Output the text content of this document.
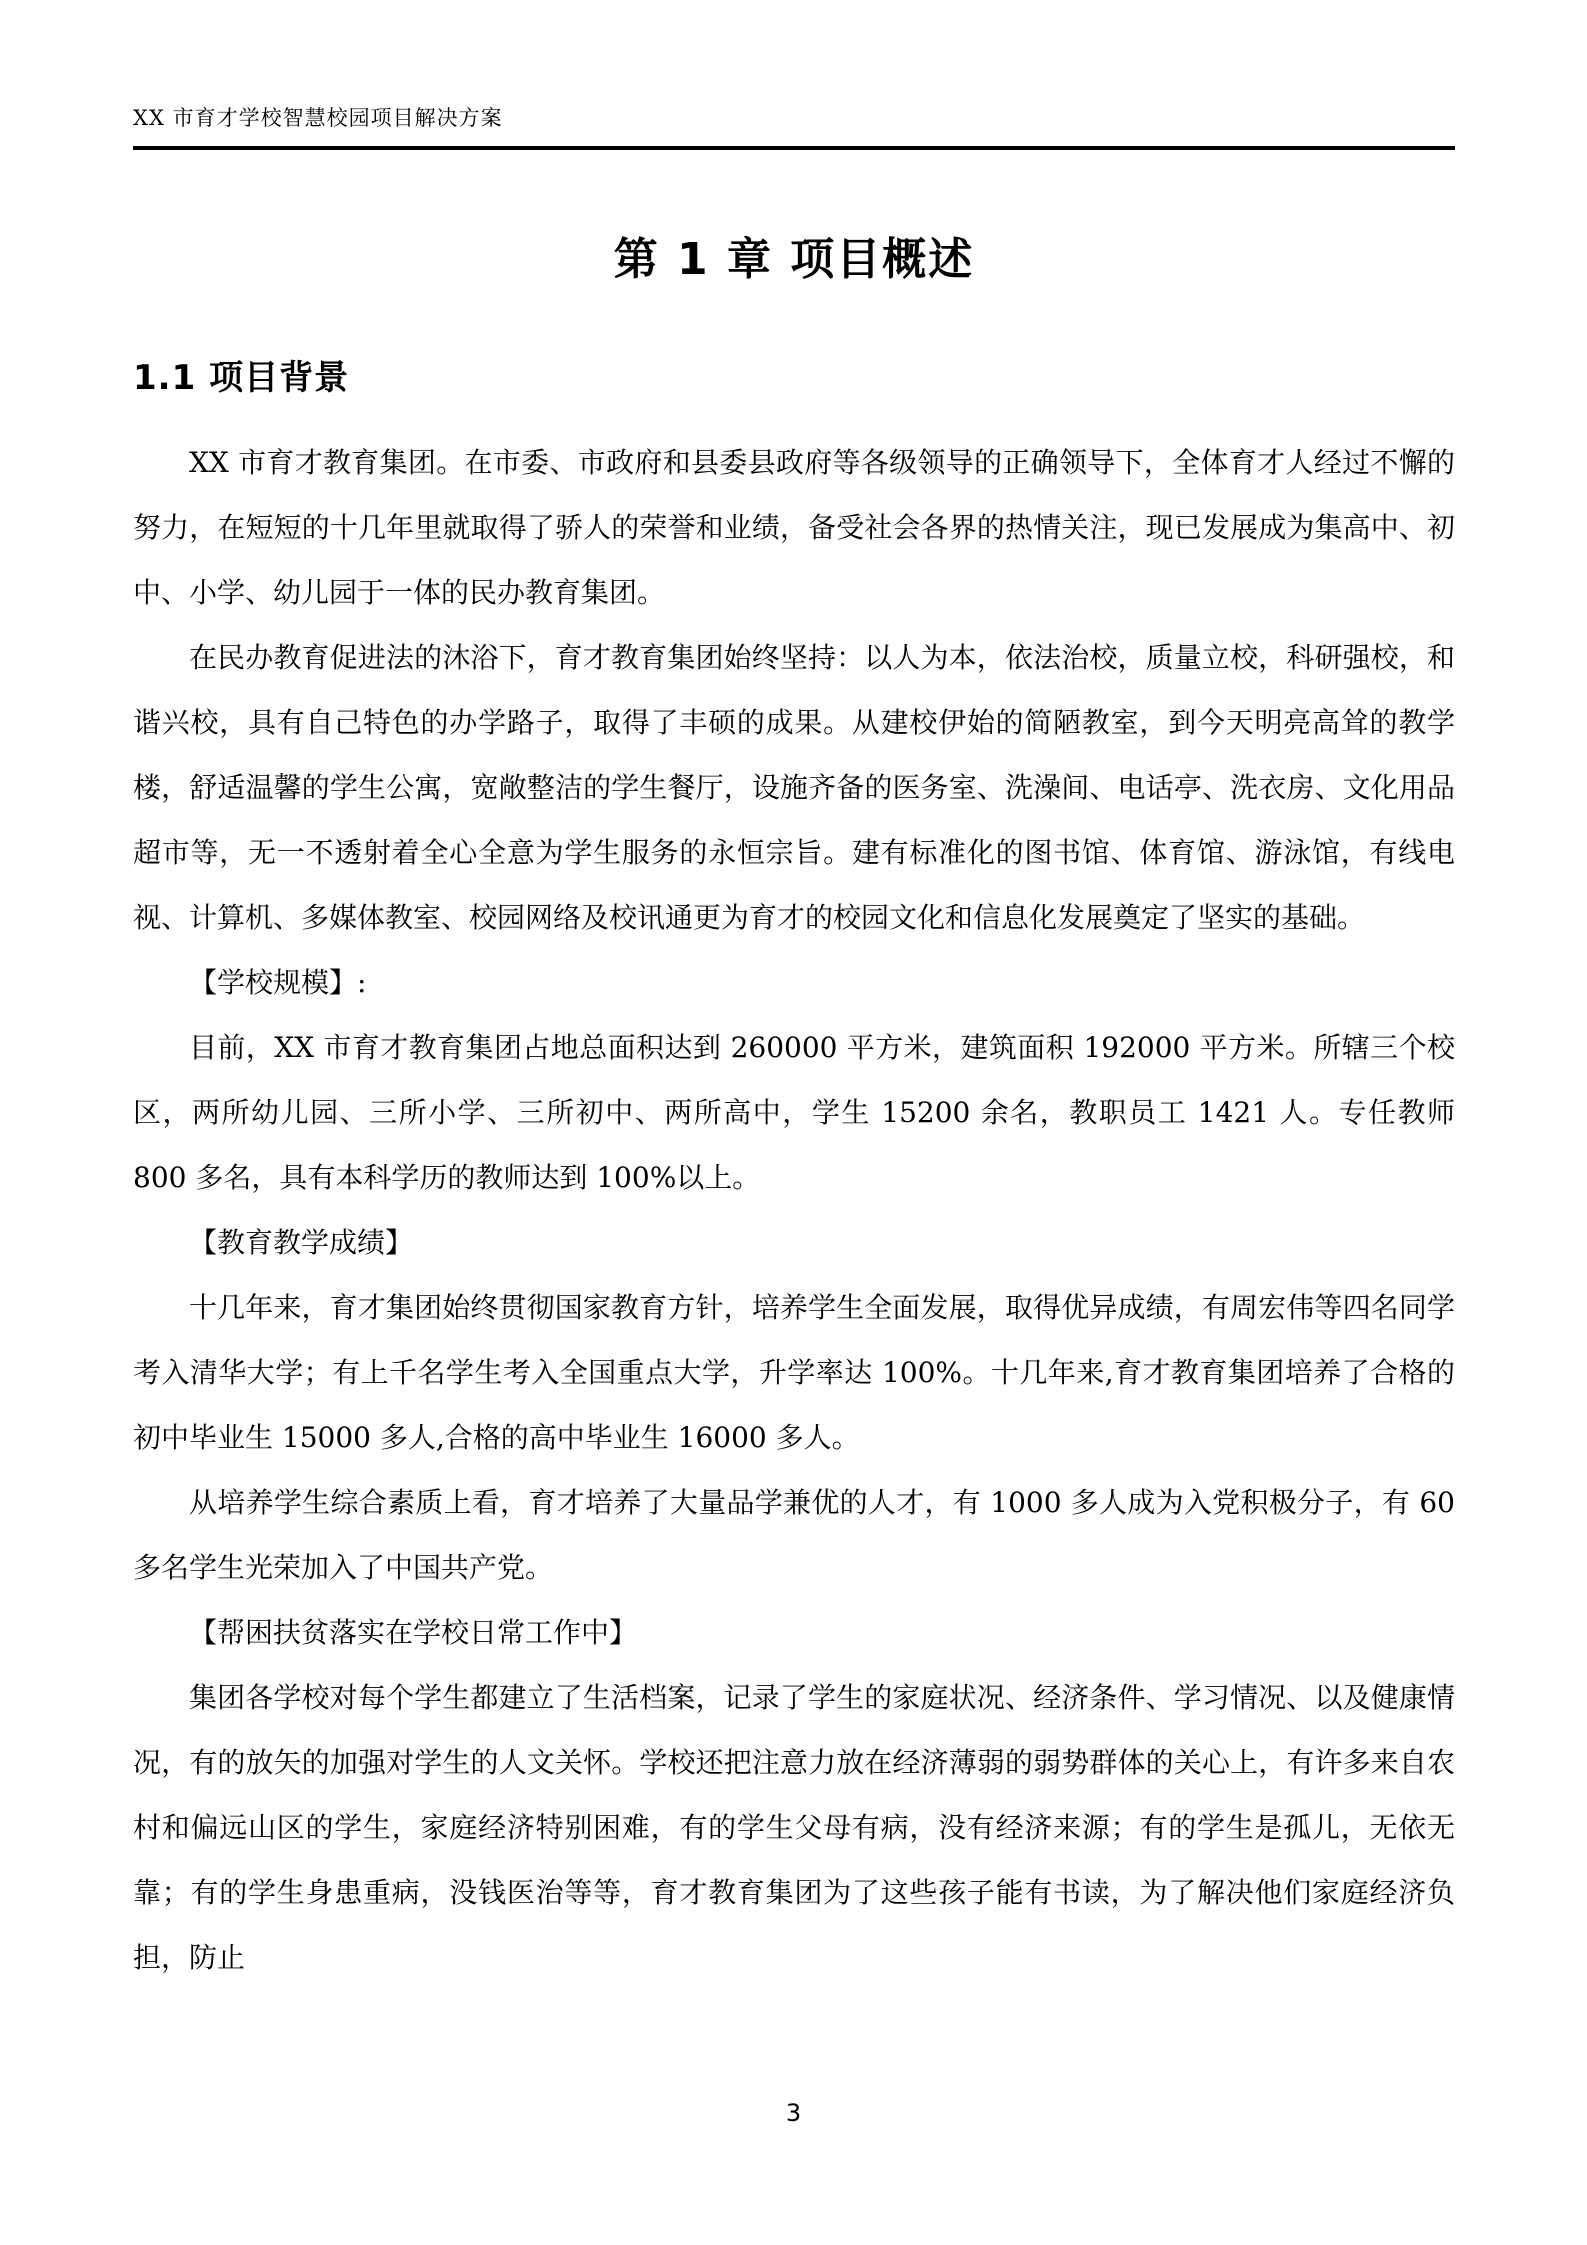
XX 市育才学校智慧校园项目解决方案
第 1 章 项目概述
1.1 项目背景

XX 市育才教育集团。在市委、市政府和县委县政府等各级领导的正确领导下，全体育才人经过不懈的努力，在短短的十几年里就取得了骄人的荣誉和业绩，备受社会各界的热情关注，现已发展成为集高中、初中、小学、幼儿园于一体的民办教育集团。

在民办教育促进法的沐浴下，育才教育集团始终坚持：以人为本，依法治校，质量立校，科研强校，和谐兴校，具有自己特色的办学路子，取得了丰硕的成果。从建校伊始的简陋教室，到今天明亮高耸的教学楼，舒适温馨的学生公寓，宽敞整洁的学生餐厅，设施齐备的医务室、洗澡间、电话亭、洗衣房、文化用品超市等，无一不透射着全心全意为学生服务的永恒宗旨。建有标准化的图书馆、体育馆、游泳馆，有线电视、计算机、多媒体教室、校园网络及校讯通更为育才的校园文化和信息化发展奠定了坚实的基础。

【学校规模】:

目前，XX 市育才教育集团占地总面积达到 260000 平方米，建筑面积 192000 平方米。所辖三个校区，两所幼儿园、三所小学、三所初中、两所高中，学生 15200 余名，教职员工 1421 人。专任教师 800 多名，具有本科学历的教师达到 100%以上。

【教育教学成绩】

十几年来，育才集团始终贯彻国家教育方针，培养学生全面发展，取得优异成绩，有周宏伟等四名同学考入清华大学；有上千名学生考入全国重点大学，升学率达 100%。十几年来,育才教育集团培养了合格的初中毕业生 15000 多人,合格的高中毕业生 16000 多人。

从培养学生综合素质上看，育才培养了大量品学兼优的人才，有 1000 多人成为入党积极分子，有 60 多名学生光荣加入了中国共产党。

【帮困扶贫落实在学校日常工作中】

集团各学校对每个学生都建立了生活档案，记录了学生的家庭状况、经济条件、学习情况、以及健康情况，有的放矢的加强对学生的人文关怀。学校还把注意力放在经济薄弱的弱势群体的关心上，有许多来自农村和偏远山区的学生，家庭经济特别困难，有的学生父母有病，没有经济来源；有的学生是孤儿，无依无靠；有的学生身患重病，没钱医治等等，育才教育集团为了这些孩子能有书读，为了解决他们家庭经济负担，防止

3
